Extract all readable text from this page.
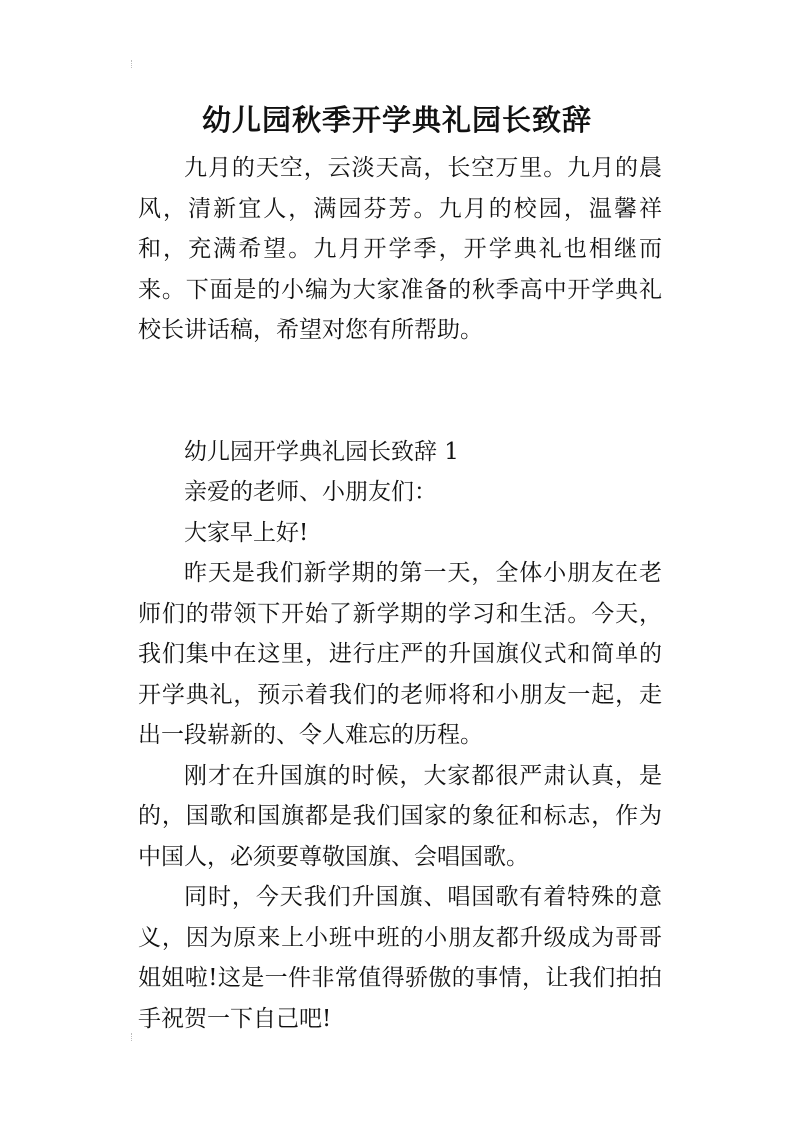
幼儿园秋季开学典礼园长致辞

九月的天空，云淡天高，长空万里。九月的晨风，清新宜人，满园芬芳。九月的校园，温馨祥和，充满希望。九月开学季，开学典礼也相继而来。下面是的小编为大家准备的秋季高中开学典礼校长讲话稿，希望对您有所帮助。

幼儿园开学典礼园长致辞 1

亲爱的老师、小朋友们：

大家早上好!

昨天是我们新学期的第一天，全体小朋友在老师们的带领下开始了新学期的学习和生活。今天，我们集中在这里，进行庄严的升国旗仪式和简单的开学典礼，预示着我们的老师将和小朋友一起，走出一段崭新的、令人难忘的历程。

刚才在升国旗的时候，大家都很严肃认真，是的，国歌和国旗都是我们国家的象征和标志，作为中国人，必须要尊敬国旗、会唱国歌。

同时，今天我们升国旗、唱国歌有着特殊的意义，因为原来上小班中班的小朋友都升级成为哥哥姐姐啦!这是一件非常值得骄傲的事情，让我们拍拍手祝贺一下自己吧!
